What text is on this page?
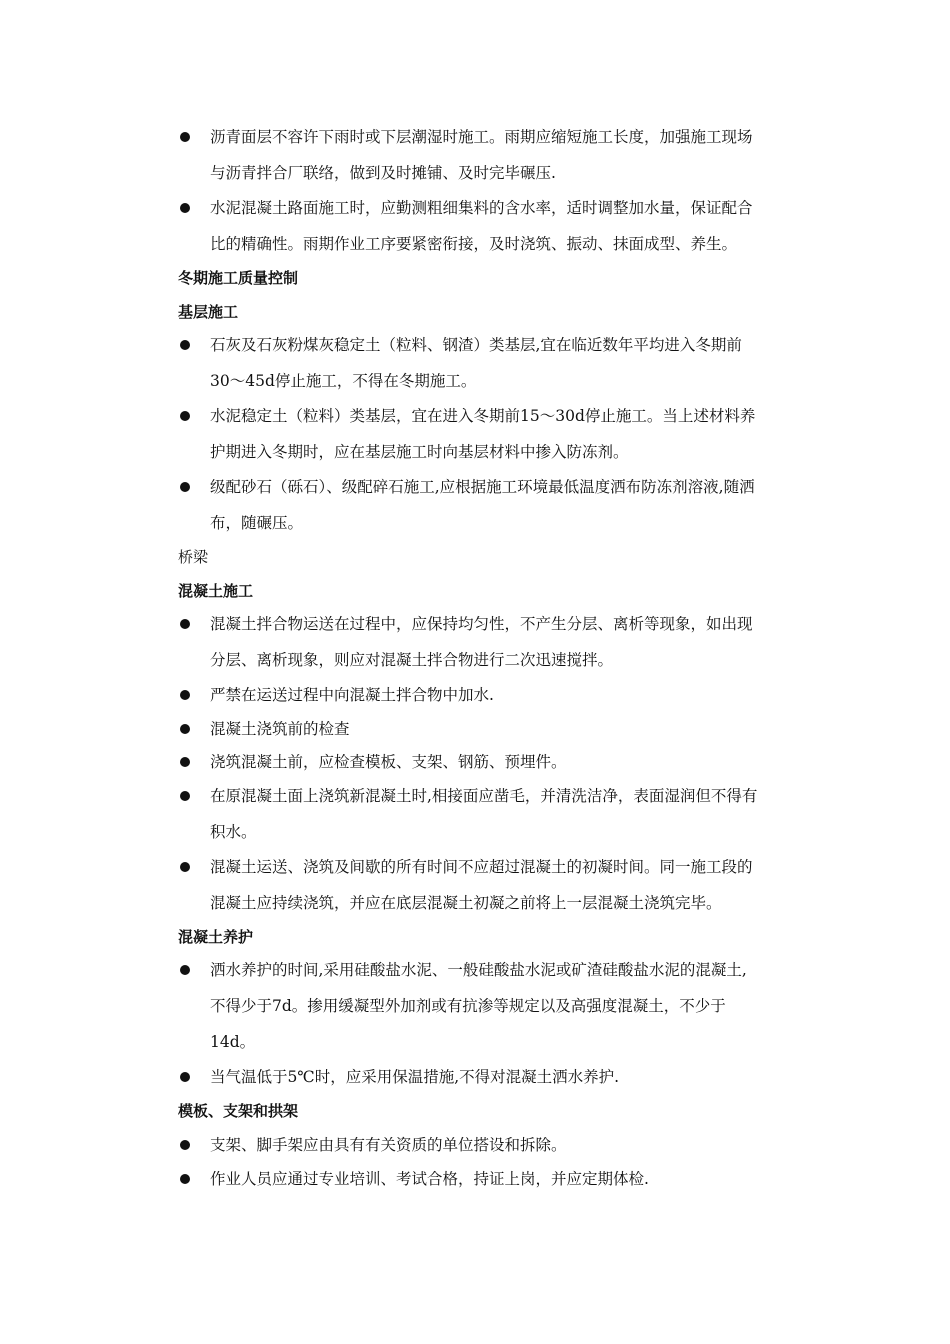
沥青面层不容许下雨时或下层潮湿时施工。雨期应缩短施工长度，加强施工现场
与沥青拌合厂联络，做到及时摊铺、及时完毕碾压.
水泥混凝土路面施工时，应勤测粗细集料的含水率，适时调整加水量，保证配合
比的精确性。雨期作业工序要紧密衔接，及时浇筑、振动、抹面成型、养生。
冬期施工质量控制
基层施工
石灰及石灰粉煤灰稳定土（粒料、钢渣）类基层,宜在临近数年平均进入冬期前
30～45d停止施工，不得在冬期施工。
水泥稳定土（粒料）类基层，宜在进入冬期前15～30d停止施工。当上述材料养
护期进入冬期时，应在基层施工时向基层材料中掺入防冻剂。
级配砂石（砾石）、级配碎石施工,应根据施工环境最低温度洒布防冻剂溶液,随洒
布，随碾压。
桥梁
混凝土施工
混凝土拌合物运送在过程中，应保持均匀性，不产生分层、离析等现象，如出现
分层、离析现象，则应对混凝土拌合物进行二次迅速搅拌。
严禁在运送过程中向混凝土拌合物中加水.
混凝土浇筑前的检查
浇筑混凝土前，应检查模板、支架、钢筋、预埋件。
在原混凝土面上浇筑新混凝土时,相接面应凿毛，并清洗洁净，表面湿润但不得有
积水。
混凝土运送、浇筑及间歇的所有时间不应超过混凝土的初凝时间。同一施工段的
混凝土应持续浇筑，并应在底层混凝土初凝之前将上一层混凝土浇筑完毕。
混凝土养护
洒水养护的时间,采用硅酸盐水泥、一般硅酸盐水泥或矿渣硅酸盐水泥的混凝土,
不得少于7d。掺用缓凝型外加剂或有抗渗等规定以及高强度混凝土，不少于
14d。
当气温低于5℃时，应采用保温措施,不得对混凝土洒水养护.
模板、支架和拱架
支架、脚手架应由具有有关资质的单位搭设和拆除。
作业人员应通过专业培训、考试合格，持证上岗，并应定期体检.
